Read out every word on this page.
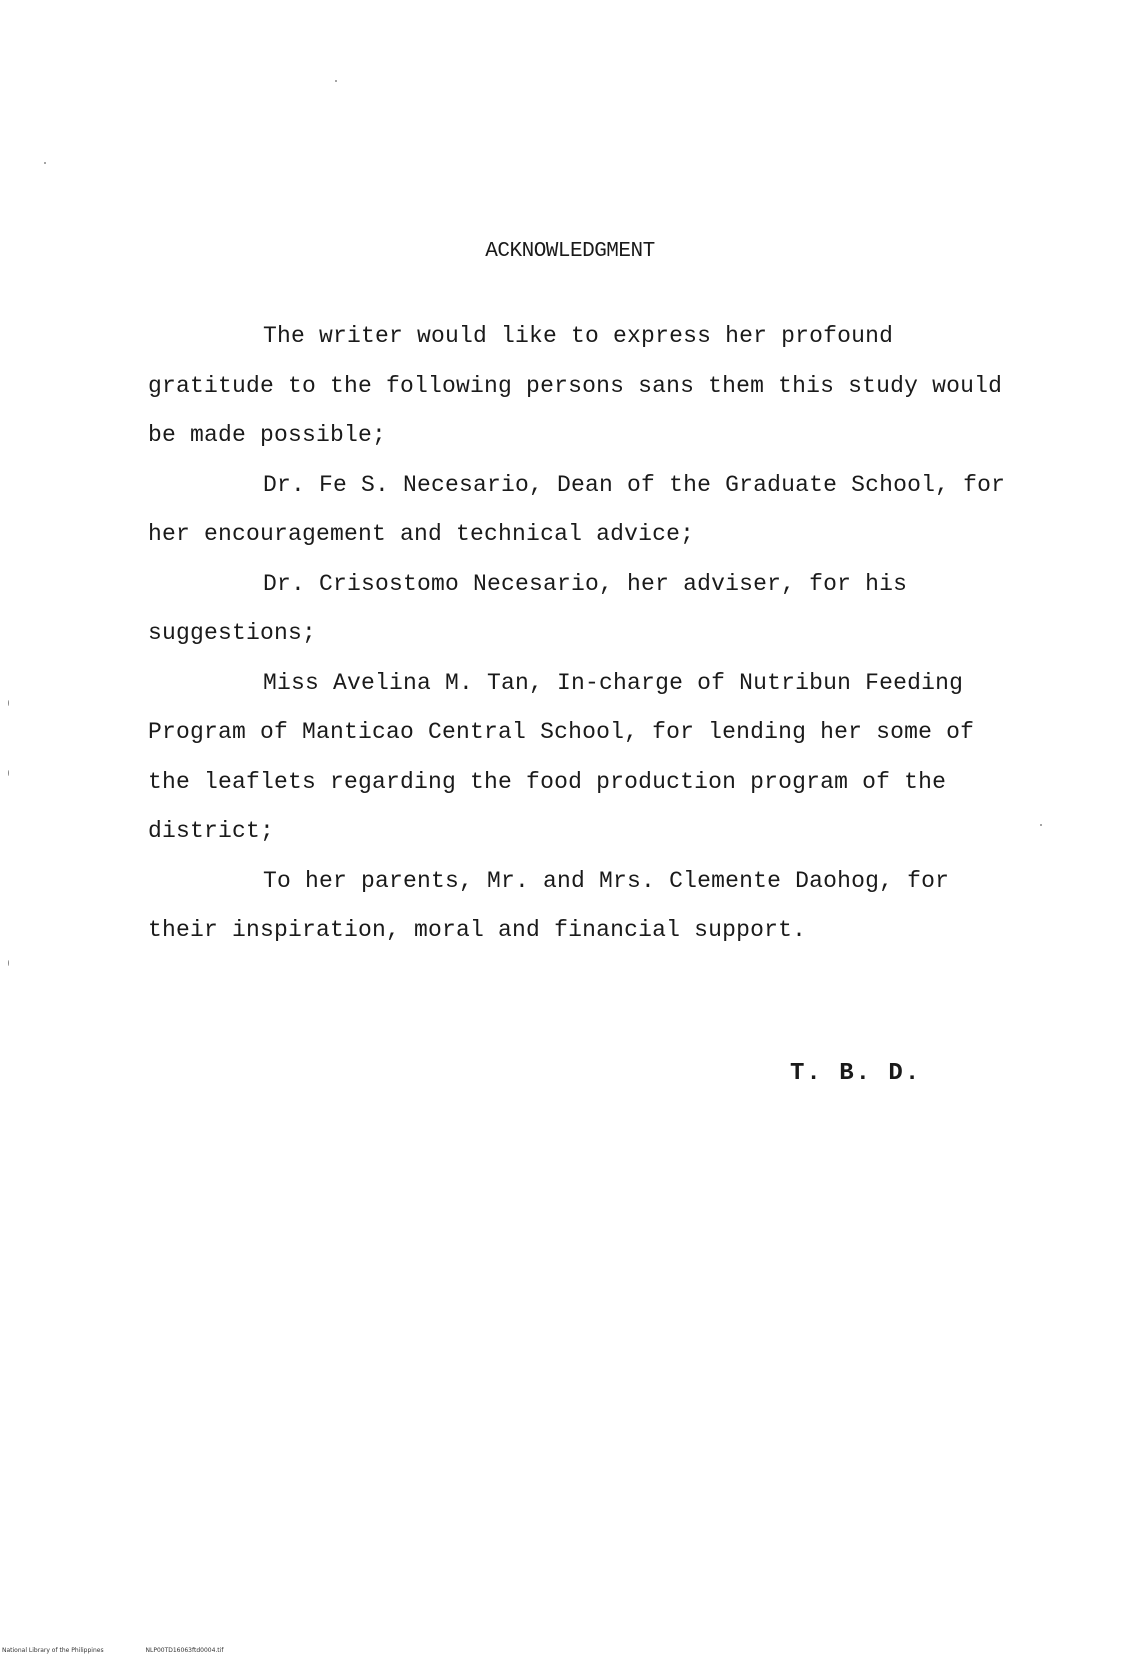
ACKNOWLEDGMENT

The writer would like to express her profound gratitude to the following persons sans them this study would be made possible;

Dr. Fe S. Necesario, Dean of the Graduate School, for her encouragement and technical advice;

Dr. Crisostomo Necesario, her adviser, for his suggestions;

Miss Avelina M. Tan, In-charge of Nutribun Feeding Program of Manticao Central School, for lending her some of the leaflets regarding the food production program of the district;

To her parents, Mr. and Mrs. Clemente Daohog, for their inspiration, moral and financial support.

T. B. D.
National Library of the Philippines	NLP00TD16063ftd0004.tif
